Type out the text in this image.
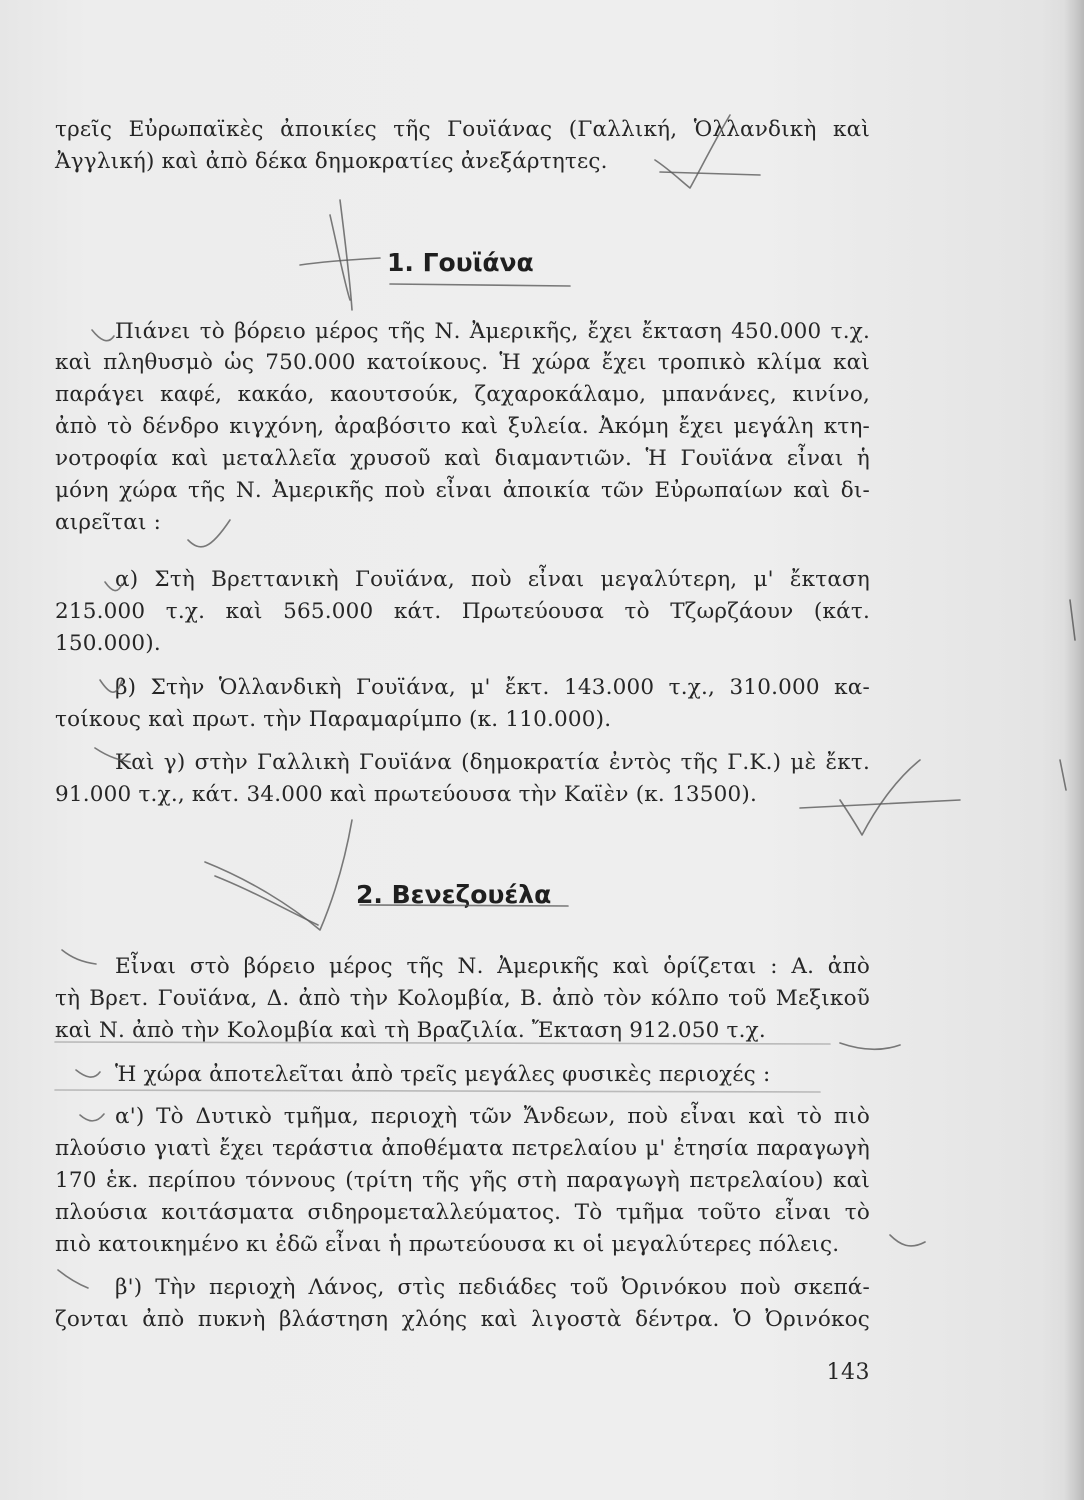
τρεῖς Εὐρωπαϊκὲς ἀποικίες τῆς Γουϊάνας (Γαλλική, Ὁλλανδικὴ καὶ
Ἀγγλική) καὶ ἀπὸ δέκα δημοκρατίες ἀνεξάρτητες.
1. Γουϊάνα
Πιάνει τὸ βόρειο μέρος τῆς Ν. Ἀμερικῆς, ἔχει ἔκταση 450.000 τ.χ.
καὶ πληθυσμὸ ὡς 750.000 κατοίκους. Ἡ χώρα ἔχει τροπικὸ κλίμα καὶ
παράγει καφέ, κακάο, καουτσούκ, ζαχαροκάλαμο, μπανάνες, κινίνο,
ἀπὸ τὸ δένδρο κιγχόνη, ἀραβόσιτο καὶ ξυλεία. Ἀκόμη ἔχει μεγάλη κτη-
νοτροφία καὶ μεταλλεῖα χρυσοῦ καὶ διαμαντιῶν. Ἡ Γουϊάνα εἶναι ἡ
μόνη χώρα τῆς Ν. Ἀμερικῆς ποὺ εἶναι ἀποικία τῶν Εὐρωπαίων καὶ δι-
αιρεῖται :
α) Στὴ Βρεττανικὴ Γουϊάνα, ποὺ εἶναι μεγαλύτερη, μ' ἔκταση
215.000 τ.χ. καὶ 565.000 κάτ. Πρωτεύουσα τὸ Τζωρζάουν (κάτ.
150.000).
β) Στὴν Ὁλλανδικὴ Γουϊάνα, μ' ἔκτ. 143.000 τ.χ., 310.000 κα-
τοίκους καὶ πρωτ. τὴν Παραμαρίμπο (κ. 110.000).
Καὶ γ) στὴν Γαλλικὴ Γουϊάνα (δημοκρατία ἐντὸς τῆς Γ.Κ.) μὲ ἔκτ.
91.000 τ.χ., κάτ. 34.000 καὶ πρωτεύουσα τὴν Καϊὲν (κ. 13500).
2. Βενεζουέλα
Εἶναι στὸ βόρειο μέρος τῆς Ν. Ἀμερικῆς καὶ ὁρίζεται : Α. ἀπὸ
τὴ Βρετ. Γουϊάνα, Δ. ἀπὸ τὴν Κολομβία, Β. ἀπὸ τὸν κόλπο τοῦ Μεξικοῦ
καὶ Ν. ἀπὸ τὴν Κολομβία καὶ τὴ Βραζιλία. Ἔκταση 912.050 τ.χ.
Ἡ χώρα ἀποτελεῖται ἀπὸ τρεῖς μεγάλες φυσικὲς περιοχές :
α') Τὸ Δυτικὸ τμῆμα, περιοχὴ τῶν Ἄνδεων, ποὺ εἶναι καὶ τὸ πιὸ
πλούσιο γιατὶ ἔχει τεράστια ἀποθέματα πετρελαίου μ' ἐτησία παραγωγὴ
170 ἑκ. περίπου τόννους (τρίτη τῆς γῆς στὴ παραγωγὴ πετρελαίου) καὶ
πλούσια κοιτάσματα σιδηρομεταλλεύματος. Τὸ τμῆμα τοῦτο εἶναι τὸ
πιὸ κατοικημένο κι ἐδῶ εἶναι ἡ πρωτεύουσα κι οἱ μεγαλύτερες πόλεις.
β') Τὴν περιοχὴ Λάνος, στὶς πεδιάδες τοῦ Ὀρινόκου ποὺ σκεπά-
ζονται ἀπὸ πυκνὴ βλάστηση χλόης καὶ λιγοστὰ δέντρα. Ὁ Ὀρινόκος
143
